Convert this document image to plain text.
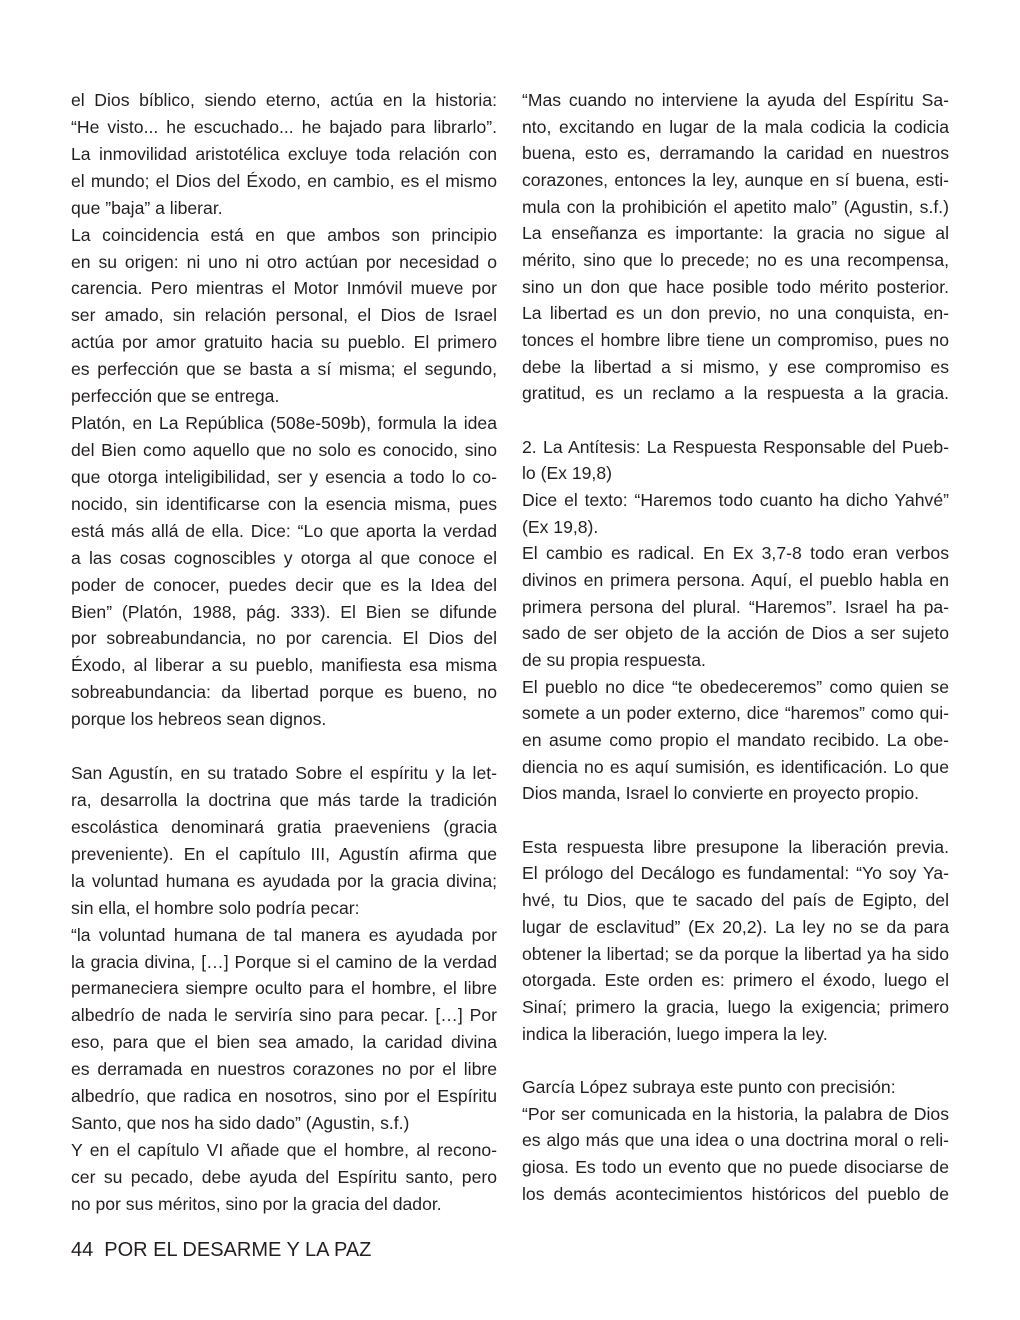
el Dios bíblico, siendo eterno, actúa en la historia:
“He visto... he escuchado... he bajado para librarlo”.
La inmovilidad aristotélica excluye toda relación con
el mundo; el Dios del Éxodo, en cambio, es el mismo
que ”baja” a liberar.
La coincidencia está en que ambos son principio
en su origen: ni uno ni otro actúan por necesidad o
carencia. Pero mientras el Motor Inmóvil mueve por
ser amado, sin relación personal, el Dios de Israel
actúa por amor gratuito hacia su pueblo. El primero
es perfección que se basta a sí misma; el segundo,
perfección que se entrega.
Platón, en La República (508e-509b), formula la idea
del Bien como aquello que no solo es conocido, sino
que otorga inteligibilidad, ser y esencia a todo lo co-
nocido, sin identificarse con la esencia misma, pues
está más allá de ella. Dice: “Lo que aporta la verdad
a las cosas cognoscibles y otorga al que conoce el
poder de conocer, puedes decir que es la Idea del
Bien” (Platón, 1988, pág. 333). El Bien se difunde
por sobreabundancia, no por carencia. El Dios del
Éxodo, al liberar a su pueblo, manifiesta esa misma
sobreabundancia: da libertad porque es bueno, no
porque los hebreos sean dignos.
San Agustín, en su tratado Sobre el espíritu y la let-
ra, desarrolla la doctrina que más tarde la tradición
escolástica denominará gratia praeveniens (gracia
preveniente). En el capítulo III, Agustín afirma que
la voluntad humana es ayudada por la gracia divina;
sin ella, el hombre solo podría pecar:
“la voluntad humana de tal manera es ayudada por
la gracia divina, […] Porque si el camino de la verdad
permaneciera siempre oculto para el hombre, el libre
albedrío de nada le serviría sino para pecar. […] Por
eso, para que el bien sea amado, la caridad divina
es derramada en nuestros corazones no por el libre
albedrío, que radica en nosotros, sino por el Espíritu
Santo, que nos ha sido dado” (Agustin, s.f.)
Y en el capítulo VI añade que el hombre, al recono-
cer su pecado, debe ayuda del Espíritu santo, pero
no por sus méritos, sino por la gracia del dador.
“Mas cuando no interviene la ayuda del Espíritu Sa-
nto, excitando en lugar de la mala codicia la codicia
buena, esto es, derramando la caridad en nuestros
corazones, entonces la ley, aunque en sí buena, esti-
mula con la prohibición el apetito malo” (Agustin, s.f.)
La enseñanza es importante: la gracia no sigue al
mérito, sino que lo precede; no es una recompensa,
sino un don que hace posible todo mérito posterior.
La libertad es un don previo, no una conquista, en-
tonces el hombre libre tiene un compromiso, pues no
debe la libertad a si mismo, y ese compromiso es
gratitud, es un reclamo a la respuesta a la gracia.
2. La Antítesis: La Respuesta Responsable del Pueb-
lo (Ex 19,8)
Dice el texto: “Haremos todo cuanto ha dicho Yahvé”
(Ex 19,8).
El cambio es radical. En Ex 3,7-8 todo eran verbos
divinos en primera persona. Aquí, el pueblo habla en
primera persona del plural. “Haremos”. Israel ha pa-
sado de ser objeto de la acción de Dios a ser sujeto
de su propia respuesta.
El pueblo no dice “te obedeceremos” como quien se
somete a un poder externo, dice “haremos” como qui-
en asume como propio el mandato recibido. La obe-
diencia no es aquí sumisión, es identificación. Lo que
Dios manda, Israel lo convierte en proyecto propio.
Esta respuesta libre presupone la liberación previa.
El prólogo del Decálogo es fundamental: “Yo soy Ya-
hvé, tu Dios, que te sacado del país de Egipto, del
lugar de esclavitud” (Ex 20,2). La ley no se da para
obtener la libertad; se da porque la libertad ya ha sido
otorgada. Este orden es: primero el éxodo, luego el
Sinaí; primero la gracia, luego la exigencia; primero
indica la liberación, luego impera la ley.
García López subraya este punto con precisión:
“Por ser comunicada en la historia, la palabra de Dios
es algo más que una idea o una doctrina moral o reli-
giosa. Es todo un evento que no puede disociarse de
los demás acontecimientos históricos del pueblo de
44 POR EL DESARME Y LA PAZ
